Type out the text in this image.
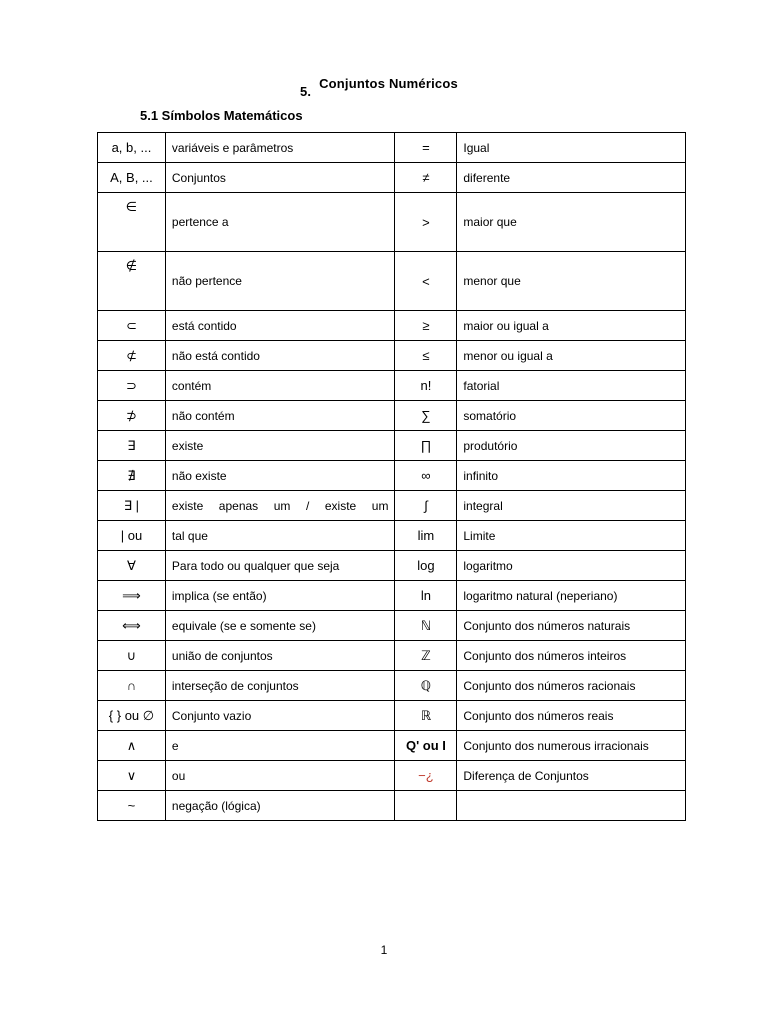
5. Conjuntos Numéricos
5.1 Símbolos Matemáticos
a, b, ...	variáveis e parâmetros	=	Igual
A, B, ...	Conjuntos	≠	diferente
∈	pertence a	>	maior que
∉	não pertence	<	menor que
⊂	está contido	≥	maior ou igual a
⊄	não está contido	≤	menor ou igual a
⊃	contém	n!	fatorial
⊅	não contém	∑	somatório
∃	existe	∏	produtório
∄	não existe	∞	infinito
∃ |	existe apenas um / existe um	∫	integral
| ou	tal que	lim	Limite
∀	Para todo ou qualquer que seja	log	logaritmo
⟹	implica (se então)	ln	logaritmo natural (neperiano)
⟺	equivale (se e somente se)	ℕ	Conjunto dos números naturais
∪	união de conjuntos	ℤ	Conjunto dos números inteiros
∩	interseção de conjuntos	ℚ	Conjunto dos números racionais
{ } ou ∅	Conjunto vazio	ℝ	Conjunto dos números reais
∧	e	Q' ou I	Conjunto dos numerous irracionais
∨	ou	−¿	Diferença de Conjuntos
~	negação (lógica)		
1
